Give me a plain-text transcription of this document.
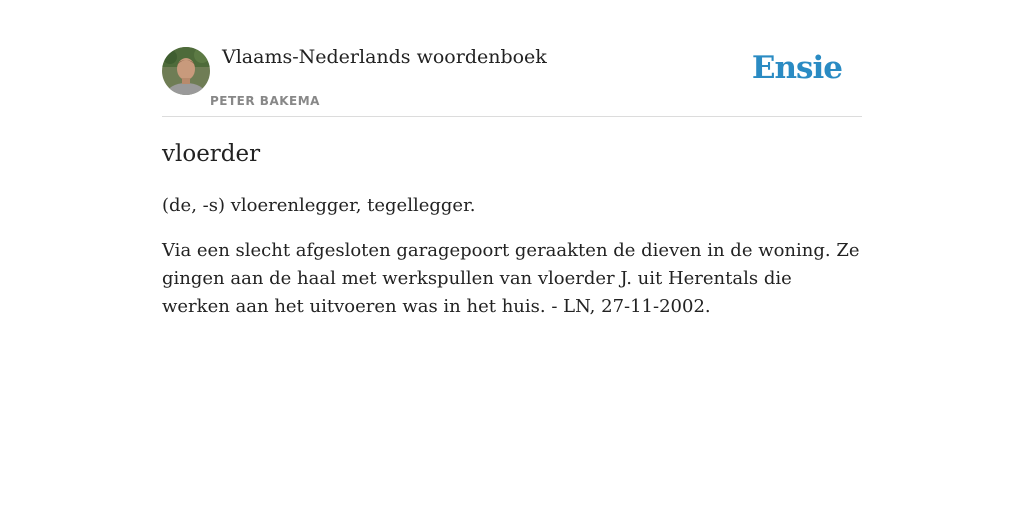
Vlaams-Nederlands woordenboek
PETER BAKEMA
Ensie
vloerder

(de, -s) vloerenlegger, tegellegger.

Via een slecht afgesloten garagepoort geraakten de dieven in de woning. Ze gingen aan de haal met werkspullen van vloerder J. uit Herentals die werken aan het uitvoeren was in het huis. - LN, 27-11-2002.
